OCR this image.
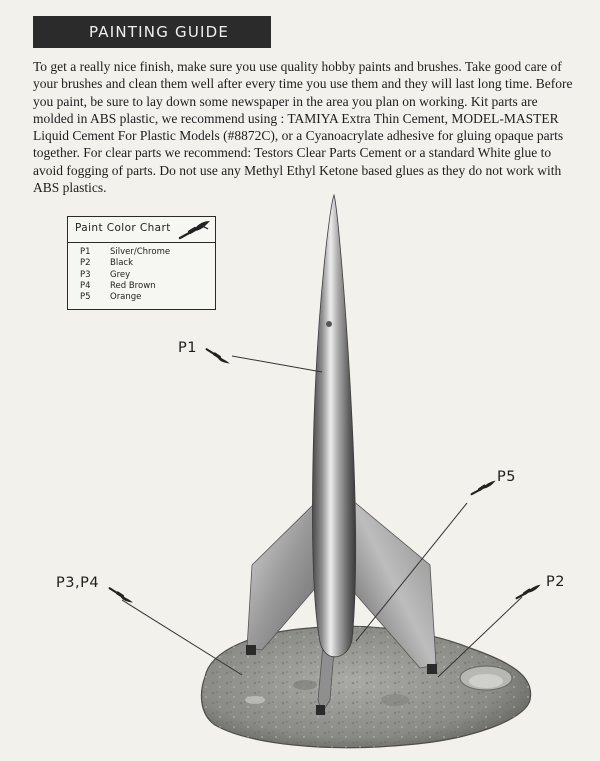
PAINTING GUIDE

To get a really nice finish, make sure you use quality hobby paints and brushes. Take good care of your brushes and clean them well after every time you use them and they will last long time. Before you paint, be sure to lay down some newspaper in the area you plan on working. Kit parts are molded in ABS plastic, we recommend using : TAMIYA Extra Thin Cement, MODEL-MASTER Liquid Cement For Plastic Models (#8872C), or a Cyanoacrylate adhesive for gluing opaque parts together. For clear parts we recommend: Testors Clear Parts Cement or a standard White glue to avoid fogging of parts. Do not use any Methyl Ethyl Ketone based glues as they do not work with ABS plastics.

Paint Color Chart
P1	Silver/Chrome
P2	Black
P3	Grey
P4	Red Brown
P5	Orange
P1
P5
P3,P4	P2
